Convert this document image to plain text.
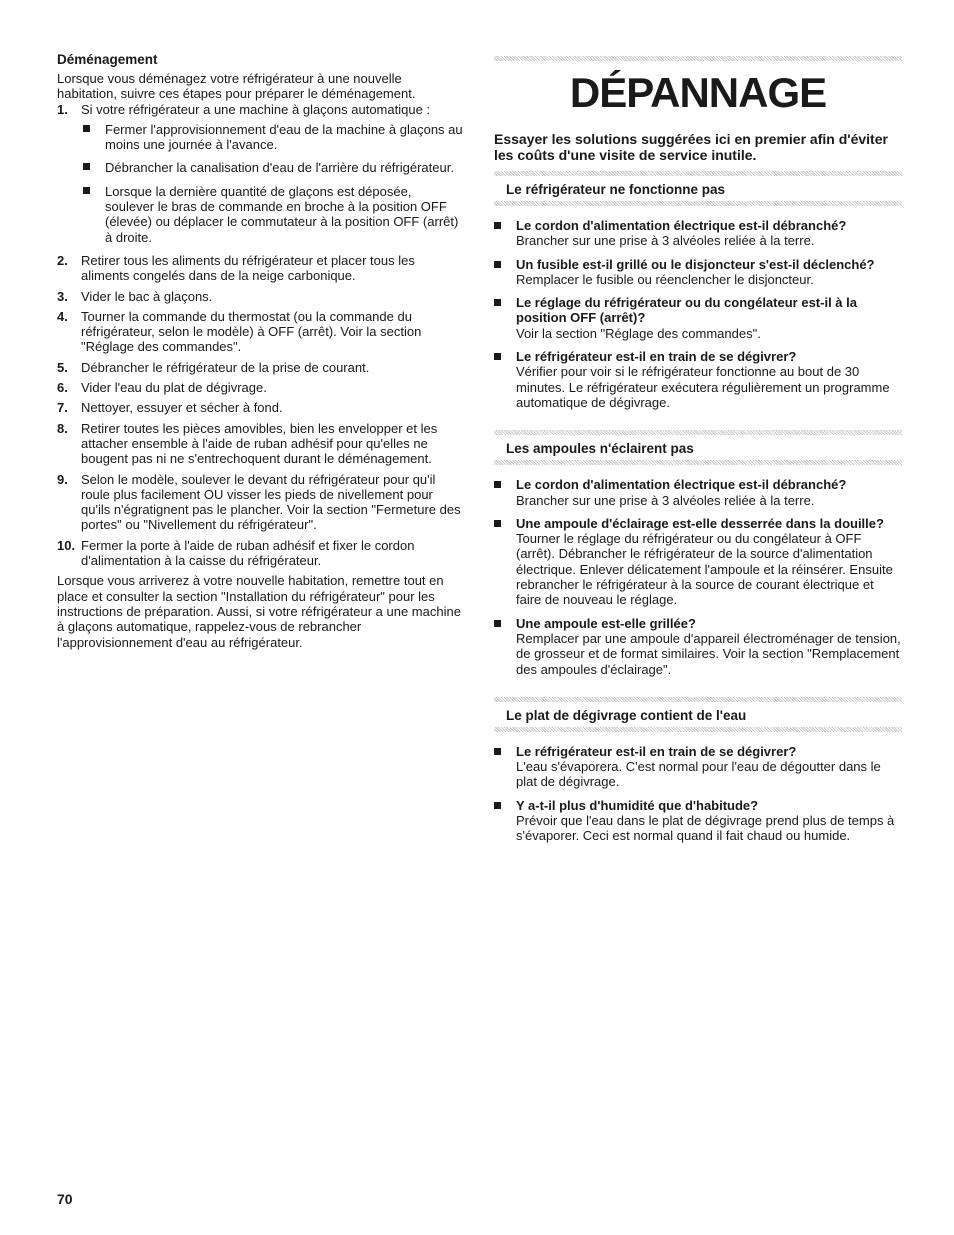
Déménagement

Lorsque vous déménagez votre réfrigérateur à une nouvelle habitation, suivre ces étapes pour préparer le déménagement.

1. Si votre réfrigérateur a une machine à glaçons automatique :
Fermer l'approvisionnement d'eau de la machine à glaçons au moins une journée à l'avance.
Débrancher la canalisation d'eau de l'arrière du réfrigérateur.
Lorsque la dernière quantité de glaçons est déposée, soulever le bras de commande en broche à la position OFF (élevée) ou déplacer le commutateur à la position OFF (arrêt) à droite.
2. Retirer tous les aliments du réfrigérateur et placer tous les aliments congelés dans de la neige carbonique.
3. Vider le bac à glaçons.
4. Tourner la commande du thermostat (ou la commande du réfrigérateur, selon le modèle) à OFF (arrêt). Voir la section "Réglage des commandes".
5. Débrancher le réfrigérateur de la prise de courant.
6. Vider l'eau du plat de dégivrage.
7. Nettoyer, essuyer et sécher à fond.
8. Retirer toutes les pièces amovibles, bien les envelopper et les attacher ensemble à l'aide de ruban adhésif pour qu'elles ne bougent pas ni ne s'entrechoquent durant le déménagement.
9. Selon le modèle, soulever le devant du réfrigérateur pour qu'il roule plus facilement OU visser les pieds de nivellement pour qu'ils n'égratignent pas le plancher. Voir la section "Fermeture des portes" ou "Nivellement du réfrigérateur".
10. Fermer la porte à l'aide de ruban adhésif et fixer le cordon d'alimentation à la caisse du réfrigérateur.

Lorsque vous arriverez à votre nouvelle habitation, remettre tout en place et consulter la section "Installation du réfrigérateur" pour les instructions de préparation. Aussi, si votre réfrigérateur a une machine à glaçons automatique, rappelez-vous de rebrancher l'approvisionnement d'eau au réfrigérateur.

DÉPANNAGE

Essayer les solutions suggérées ici en premier afin d'éviter les coûts d'une visite de service inutile.

Le réfrigérateur ne fonctionne pas
Le cordon d'alimentation électrique est-il débranché?
Brancher sur une prise à 3 alvéoles reliée à la terre.
Un fusible est-il grillé ou le disjoncteur s'est-il déclenché?
Remplacer le fusible ou réenclencher le disjoncteur.
Le réglage du réfrigérateur ou du congélateur est-il à la position OFF (arrêt)?
Voir la section "Réglage des commandes".
Le réfrigérateur est-il en train de se dégivrer?
Vérifier pour voir si le réfrigérateur fonctionne au bout de 30 minutes. Le réfrigérateur exécutera régulièrement un programme automatique de dégivrage.
Les ampoules n'éclairent pas
Le cordon d'alimentation électrique est-il débranché?
Brancher sur une prise à 3 alvéoles reliée à la terre.
Une ampoule d'éclairage est-elle desserrée dans la douille?
Tourner le réglage du réfrigérateur ou du congélateur à OFF (arrêt). Débrancher le réfrigérateur de la source d'alimentation électrique. Enlever délicatement l'ampoule et la réinsérer. Ensuite rebrancher le réfrigérateur à la source de courant électrique et faire de nouveau le réglage.
Une ampoule est-elle grillée?
Remplacer par une ampoule d'appareil électroménager de tension, de grosseur et de format similaires. Voir la section "Remplacement des ampoules d'éclairage".
Le plat de dégivrage contient de l'eau
Le réfrigérateur est-il en train de se dégivrer?
L'eau s'évaporera. C'est normal pour l'eau de dégoutter dans le plat de dégivrage.
Y a-t-il plus d'humidité que d'habitude?
Prévoir que l'eau dans le plat de dégivrage prend plus de temps à s'évaporer. Ceci est normal quand il fait chaud ou humide.
70
